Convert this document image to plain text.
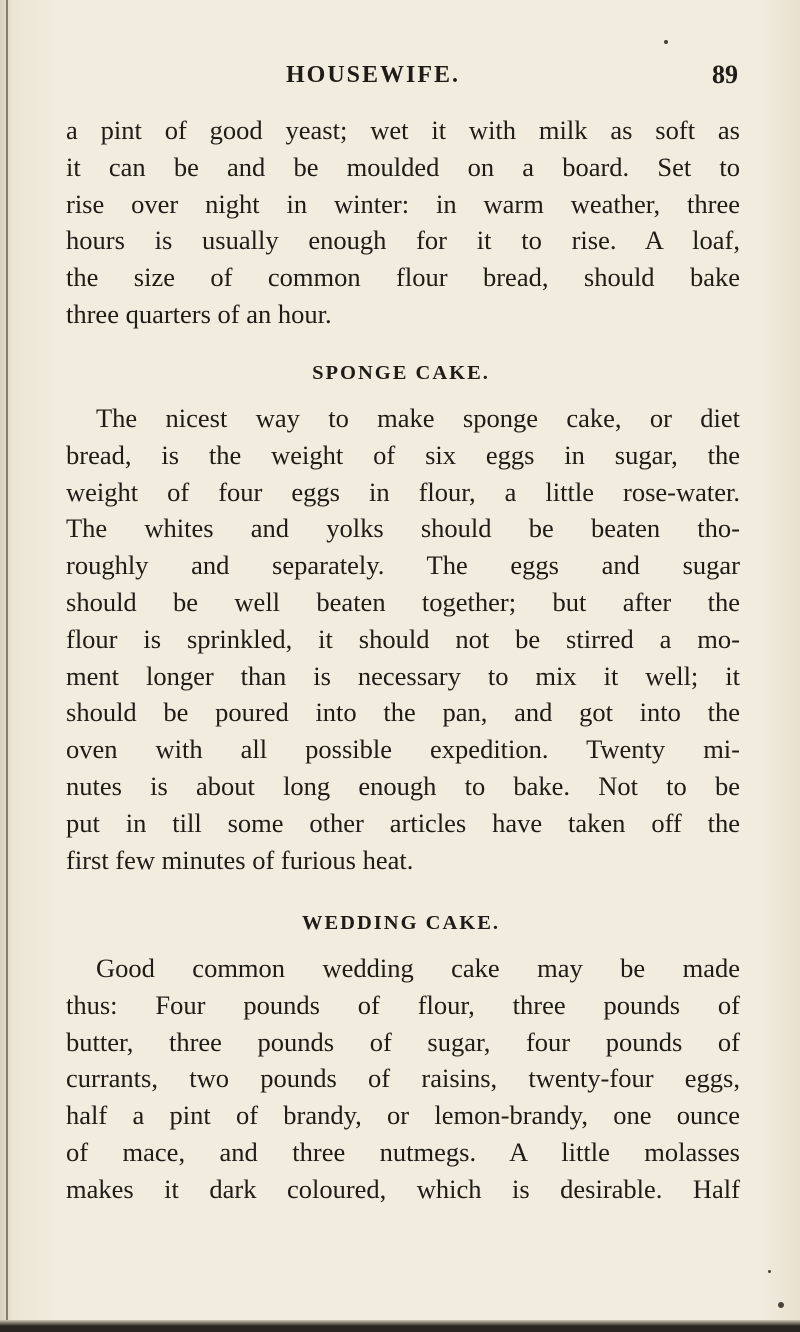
HOUSEWIFE.	89

a pint of good yeast; wet it with milk as soft as
it can be and be moulded on a board. Set to
rise over night in winter: in warm weather, three
hours is usually enough for it to rise. A loaf,
the size of common flour bread, should bake
three quarters of an hour.

SPONGE CAKE.

The nicest way to make sponge cake, or diet
bread, is the weight of six eggs in sugar, the
weight of four eggs in flour, a little rose-water.
The whites and yolks should be beaten tho-
roughly and separately. The eggs and sugar
should be well beaten together; but after the
flour is sprinkled, it should not be stirred a mo-
ment longer than is necessary to mix it well; it
should be poured into the pan, and got into the
oven with all possible expedition. Twenty mi-
nutes is about long enough to bake. Not to be
put in till some other articles have taken off the
first few minutes of furious heat.

WEDDING CAKE.

Good common wedding cake may be made
thus: Four pounds of flour, three pounds of
butter, three pounds of sugar, four pounds of
currants, two pounds of raisins, twenty-four eggs,
half a pint of brandy, or lemon-brandy, one ounce
of mace, and three nutmegs. A little molasses
makes it dark coloured, which is desirable. Half
